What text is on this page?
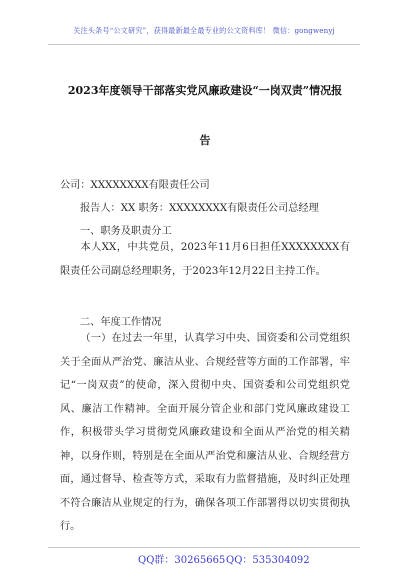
关注头条号“公文研究”，获得最新最全最专业的公文资料库！ 微信：gongwenyj
2023年度领导干部落实党风廉政建设“一岗双责”情况报
告
公司：XXXXXXXX有限责任公司
报告人：XX 职务：XXXXXXXX有限责任公司总经理
一、职务及职责分工
本人XX，中共党员，2023年11月6日担任XXXXXXXX有限责任公司副总经理职务，于2023年12月22日主持工作。
二、年度工作情况
（一）在过去一年里，认真学习中央、国资委和公司党组织关于全面从严治党、廉洁从业、合规经营等方面的工作部署，牢记“一岗双责”的使命，深入贯彻中央、国资委和公司党组织党风、廉洁工作精神。全面开展分管企业和部门党风廉政建设工作，积极带头学习贯彻党风廉政建设和全面从严治党的相关精神，以身作则，特别是在全面从严治党和廉洁从业、合规经营方面，通过督导、检查等方式，采取有力监督措施，及时纠正处理不符合廉洁从业规定的行为，确保各项工作部署得以切实贯彻执行。
QQ群：30265665 QQ：535304092
